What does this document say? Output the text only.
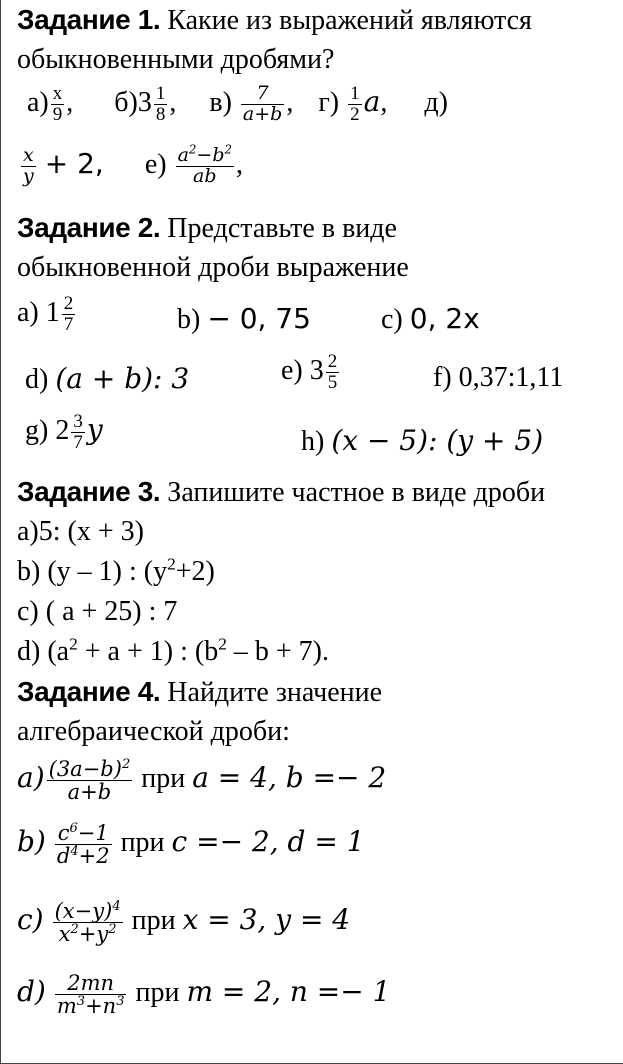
Задание 1. Какие из выражений являются
обыкновенными дробями?
$а) \frac{x}{9}$ , $б)3 \frac{1}{8}$ , $в) \frac{7}{a+b}$ , $г) \frac{1}{2} a$, д)
$\frac{x}{y} + 2$, $е) \frac{a^2-b^2}{ab}$ ,
Задание 2. Представьте в виде
обыкновенной дроби выражение
a) $1 \frac{2}{7}$	b) − 0, 75	c) 0, 2x
d) (a + b): 3	e) $3 \frac{2}{5}$	f) 0,37:1,11
g) $2 \frac{3}{7}$ y	h) (x − 5): (y + 5)
Задание 3. Запишите частное в виде дроби
a)5: (x + 3)
b) (y – 1) : $(y^2+2)$
c) ( a + 25) : 7
d) $(a^2 + a + 1)$ : $(b^2 - b + 7)$.
Задание 4. Найдите значение
алгебраической дроби:
$a) \frac{(3a-b)^2}{a+b}$ при a = 4, b =− 2
$b) \frac{c^6-1}{d^4+2}$ при c =− 2, d = 1
$c) \frac{(x-y)^4}{x^2+y^2}$ при x = 3, y = 4
$d) \frac{2mn}{m^3+n^3}$ при m = 2, n =− 1
